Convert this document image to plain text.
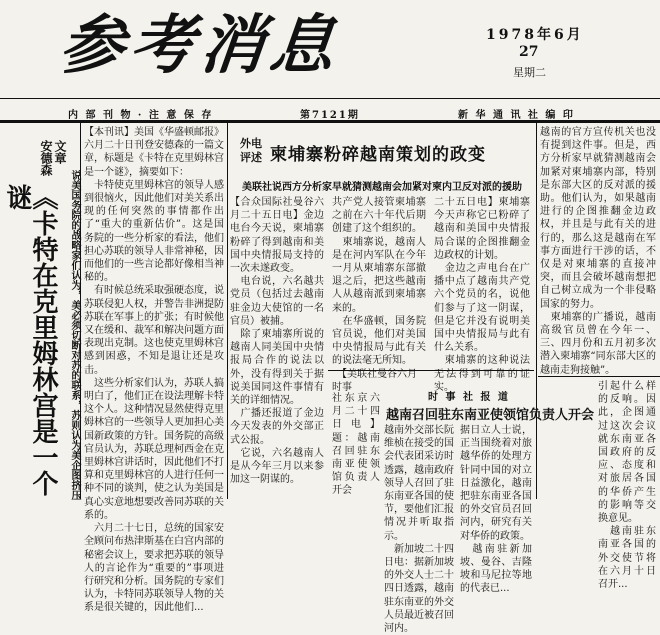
参考消息	1978年6月
27
星期二
内 部 刊 物 · 注 意 保 存	第7121期	新 华 通 讯 社 编 印
文章
安德森
《卡特在克里姆林宫是一个谜	说美国务院的战略家们认为，美必须切断对苏的联系，苏则认为美企图挤压
【本刊讯】美国《华盛顿邮报》六月二十日刊登安德森的一篇文章，标题是《卡特在克里姆林宫是一个谜》，摘要如下：
　卡特使克里姆林宫的领导人感到很恼火，因此他们对美关系出现的任何突然的事情都作出了“重大的重新估价”。这是国务院的一些分析家的看法，他们担心苏联的领导人非常神秘，因而他们的一些言论都好像相当神秘的。
　有时候总统采取强硬态度，说苏联侵犯人权，并警告非洲提防苏联在军事上的扩张；有时候他又在缓和、裁军和解决问题方面表现出克制。这也使克里姆林宫感到困惑，不知是退让还是攻击。
　这些分析家们认为，苏联人搞明白了，他们正在设法理解卡特这个人。这种情况显然使得克里姆林宫的一些领导人更加担心美国新政策的方针。国务院的高级官员认为，苏联总理柯西金在克里姆林宫讲话时，因此他们不打算和克里姆林宫的人进行任何一种不同的谈判，使之认为美国是真心实意地想要改善同苏联的关系的。
　六月二十七日，总统的国家安全顾问布热津斯基在白宫内部的秘密会议上，要求把苏联的领导人的言论作为“重要的”事项进行研究和分析。国务院的专家们认为，卡特同苏联领导人物的关系是很关键的，因此他们...
外电
评述 柬埔寨粉碎越南策划的政变
美联社说西方分析家早就猜测越南会加紧对柬内卫反对派的援助
【合众国际社曼谷六月二十五日电】金边电台今天说，柬埔寨粉碎了得到越南和美国中央情报局支持的一次未遂政变。
　电台说，六名越共党员（包括过去越南驻金边大使馆的一名官员）被捕。
　除了柬埔寨所说的越南人同美国中央情报局合作的说法以外，没有得到关于据说美国同这件事情有关的详细情况。
　广播还报道了金边今天发表的外交部正式公报。
　它说，六名越南人是从今年三月以来参加这一阴谋的。
共产党人接管柬埔寨之前在六十年代后期创建了这个组织的。
　柬埔寨说，越南人是在河内军队在今年一月从柬埔寨东部撤退之后，把这些越南人从越南派到柬埔寨来的。
　在华盛顿，国务院官员说，他们对美国中央情报局与此有关的说法毫无所知。
　【美联社曼谷六月
二十五日电】柬埔寨今天声称它已粉碎了越南和美国中央情报局合谋的企图推翻金边政权的计划。
　金边之声电台在广播中点了越南共产党六个党员的名，说他们参与了这一阴谋，但是它并没有说明美国中央情报局与此有什么关系。
　柬埔寨的这种说法无法得到可靠的证实。
时事
社东京六月二十四日电】题：越南召回驻东南亚使领馆负责人开会
时 事 社 报 道
越南召回驻东南亚使领馆负责人开会
越南外交部长阮维桢在接受的国会代表团采访时透露，越南政府领导人召回了驻东南亚各国的使节，要他们汇报情况并听取指示。
　新加坡二十四日电：据新加坡的外交人士二十四日透露，越南驻东南亚的外交人员最近被召回河内。
据日立人士说，正当围绕着对旅越华侨的处理方针同中国的对立日益激化，越南把驻东南亚各国的外交官员召回河内，研究有关对华侨的政策。
　越南驻新加坡、曼谷、吉隆坡和马尼拉等地的代表已...
越南的官方宣传机关也没有提到这件事。但是，西方分析家早就猜测越南会加紧对柬埔寨内部，特别是东部大区的反对派的援助。他们认为，如果越南进行的企图推翻金边政权，并且是与此有关的进行的，那么这是越南在军事方面进行干涉的话，不仅是对柬埔寨的直接冲突，而且会破坏越南想把自己树立成为一个非侵略国家的努力。
　柬埔寨的广播说，越南高级官员曾在今年一、三、四月份和五月初多次潜入柬埔寨“同东部大区的越南走狗接触”。
引起什么样的反响。因此，企图通过这次会议就东南亚各国政府的反应、态度和对旅居各国的华侨产生的影响等交换意见。
　越南驻东南亚各国的外交使节将在六月十日召开...
